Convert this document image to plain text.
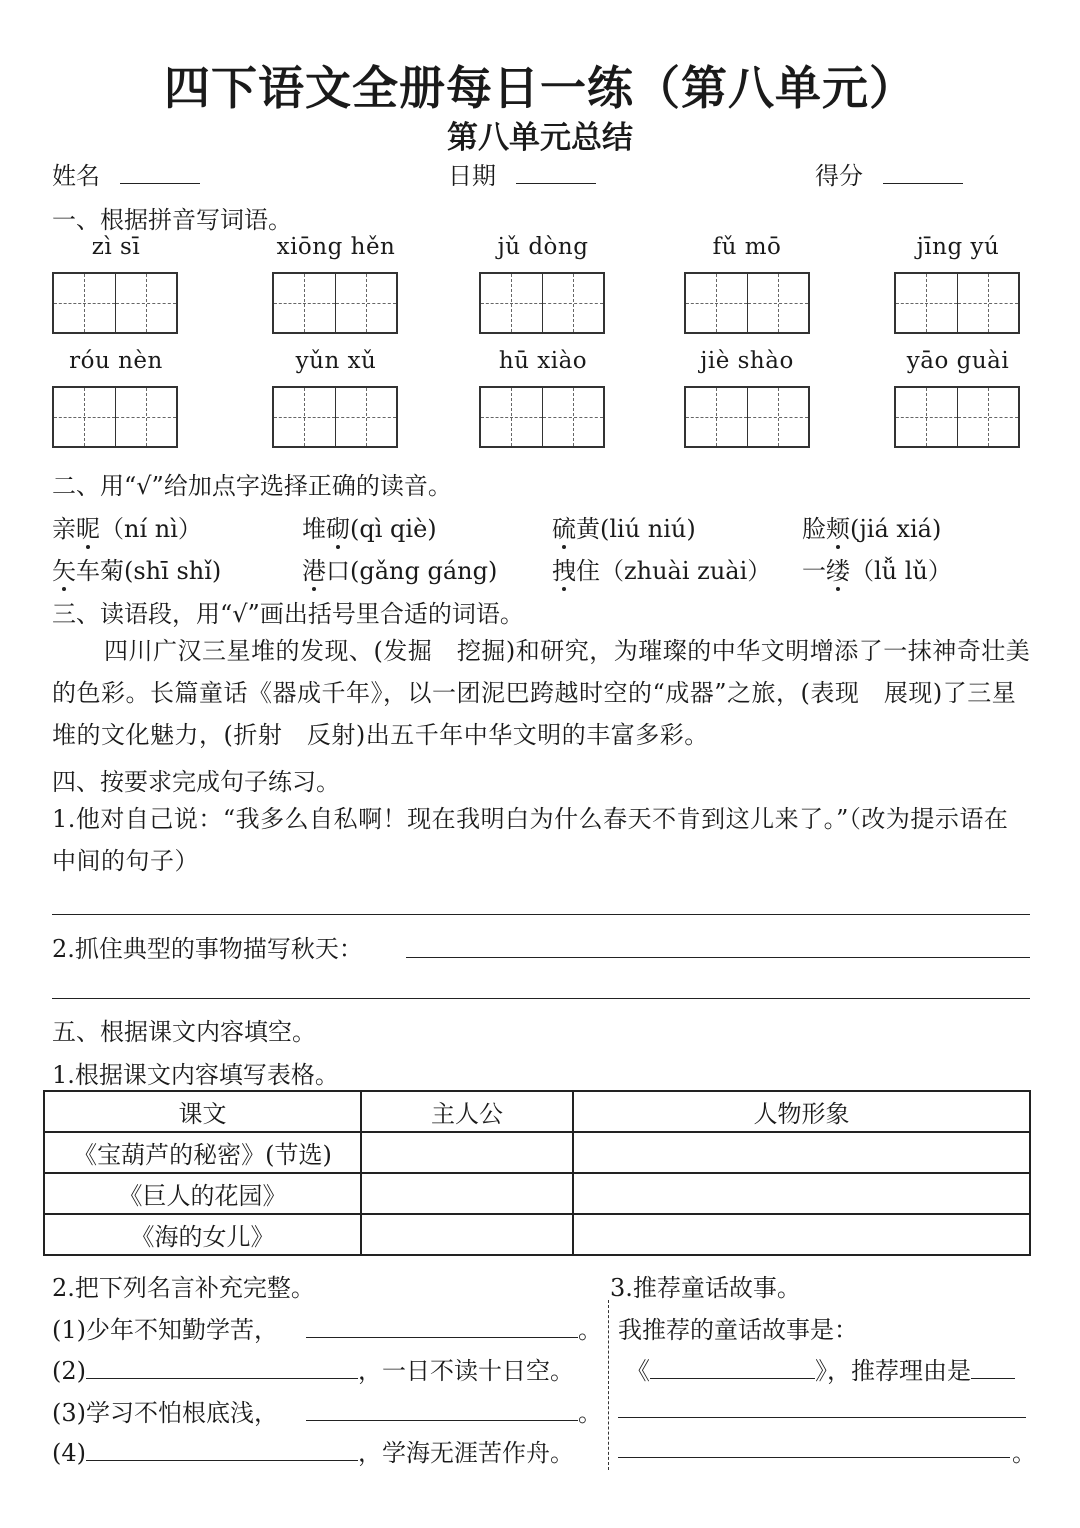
四下语文全册每日一练（第八单元）
第八单元总结
姓名	日期	得分
一、根据拼音写词语。
zì sī	xiōng hěn	jǔ dòng	fǔ mō	jīng yú
róu nèn	yǔn xǔ	hū xiào	jiè shào	yāo guài
二、用“√”给加点字选择正确的读音。
亲昵（ní nì）	堆砌(qì qiè)	硫黄(liú niú)	脸颊(jiá xiá)
矢车菊(shī shǐ)	港口(gǎng gáng) 拽住（zhuài zuài） 一缕（lǚ lǔ）
三、读语段，用“√”画出括号里合适的词语。
四川广汉三星堆的发现、(发掘　挖掘)和研究，为璀璨的中华文明增添了一抹神奇壮美的色彩。长篇童话《器成千年》，以一团泥巴跨越时空的“成器”之旅，(表现　展现)了三星堆的文化魅力，(折射　反射)出五千年中华文明的丰富多彩。
四、按要求完成句子练习。
1.他对自己说：“我多么自私啊！现在我明白为什么春天不肯到这儿来了。”（改为提示语在中间的句子）
2.抓住典型的事物描写秋天：
五、根据课文内容填空。
1.根据课文内容填写表格。
课文	主人公	人物形象
《宝葫芦的秘密》(节选)		
《巨人的花园》		
《海的女儿》		
2.把下列名言补充完整。
(1)少年不知勤学苦，	。
(2)	，一日不读十日空。
(3)学习不怕根底浅，	。
(4)	，学海无涯苦作舟。
3.推荐童话故事。
我推荐的童话故事是：
《	》，推荐理由是
。
